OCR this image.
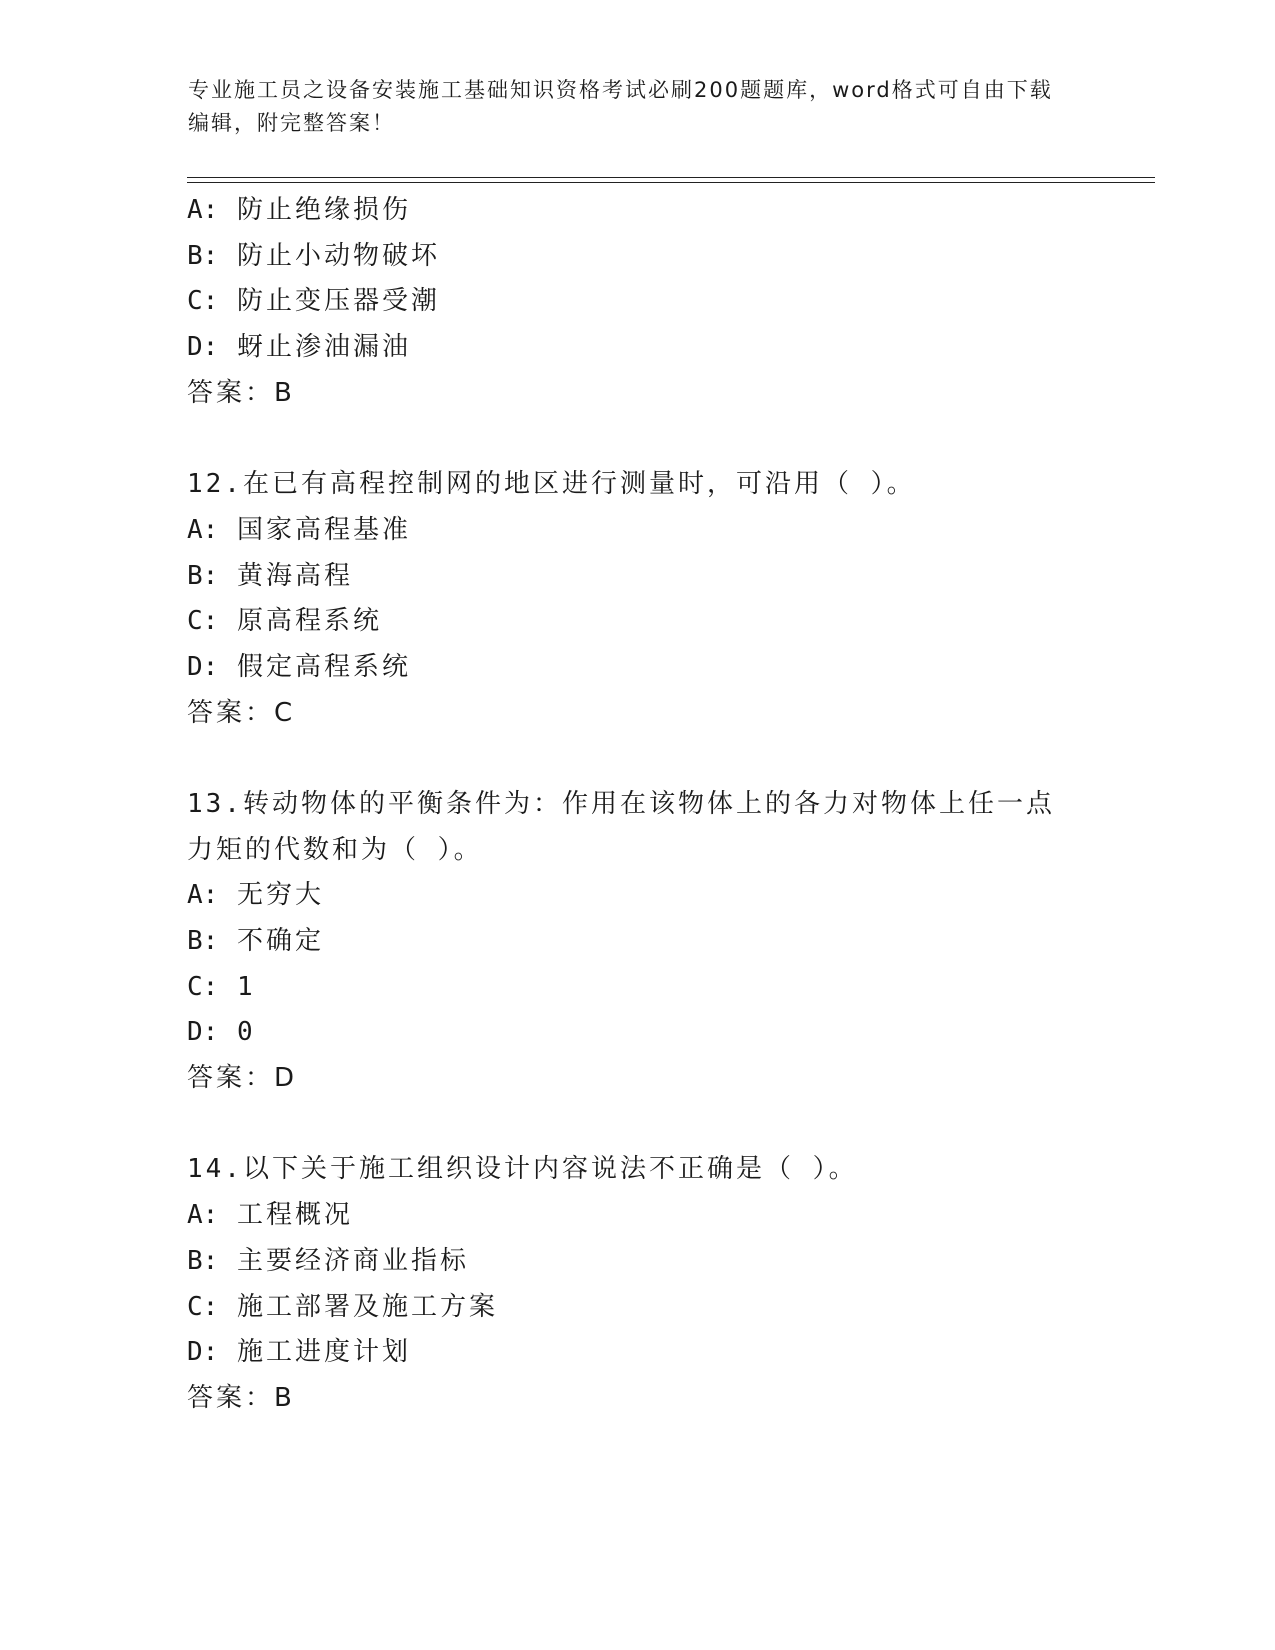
专业施工员之设备安装施工基础知识资格考试必刷200题题库，word格式可自由下载编辑，附完整答案！
A: 防止绝缘损伤
B: 防止小动物破坏
C: 防止变压器受潮
D: 蚜止渗油漏油
答案：B
12.在已有高程控制网的地区进行测量时，可沿用（ ）。
A: 国家高程基准
B: 黄海高程
C: 原高程系统
D: 假定高程系统
答案：C
13.转动物体的平衡条件为：作用在该物体上的各力对物体上任一点力矩的代数和为（ ）。
A: 无穷大
B: 不确定
C: 1
D: 0
答案：D
14.以下关于施工组织设计内容说法不正确是（ ）。
A: 工程概况
B: 主要经济商业指标
C: 施工部署及施工方案
D: 施工进度计划
答案：B
